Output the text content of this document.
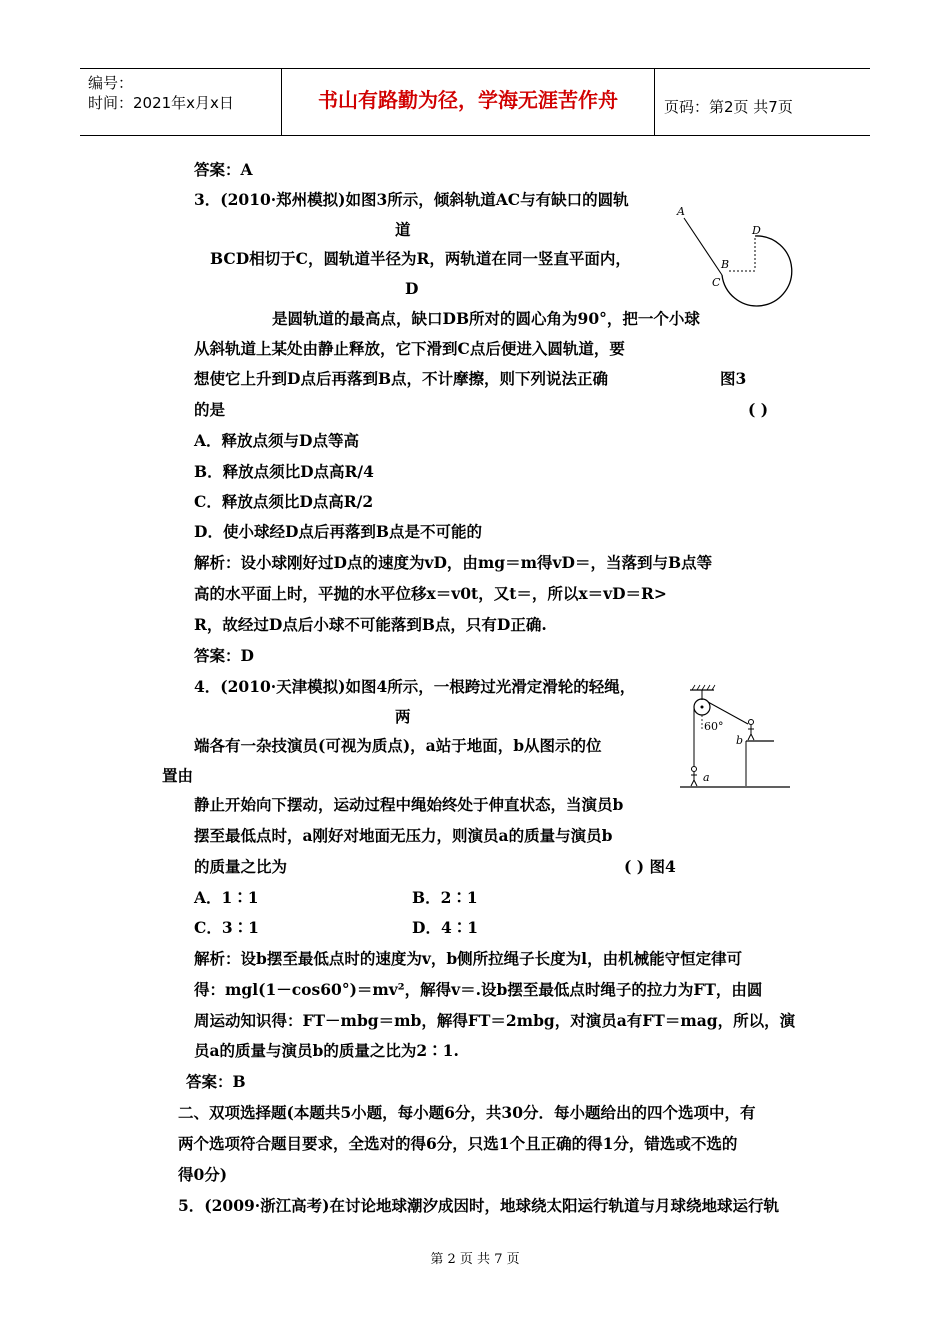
编号：
时间：2021年x月x日	书山有路勤为径，学海无涯苦作舟	页码：第2页 共7页
答案：A
3．(2010·郑州模拟)如图3所示，倾斜轨道AC与有缺口的圆轨
道
BCD相切于C，圆轨道半径为R，两轨道在同一竖直平面内，
D
是圆轨道的最高点，缺口DB所对的圆心角为90°，把一个小球
从斜轨道上某处由静止释放，它下滑到C点后便进入圆轨道，要
想使它上升到D点后再落到B点，不计摩擦，则下列说法正确	图3
的是	( )
A．释放点须与D点等高
B．释放点须比D点高R/4
C．释放点须比D点高R/2
D．使小球经D点后再落到B点是不可能的
解析：设小球刚好过D点的速度为vD，由mg＝m得vD＝，当落到与B点等
高的水平面上时，平抛的水平位移x＝v0t，又t＝，所以x＝vD＝R>
R，故经过D点后小球不可能落到B点，只有D正确.
答案：D
4．(2010·天津模拟)如图4所示，一根跨过光滑定滑轮的轻绳，
两
端各有一杂技演员(可视为质点)，a站于地面，b从图示的位
置由
静止开始向下摆动，运动过程中绳始终处于伸直状态，当演员b
摆至最低点时，a刚好对地面无压力，则演员a的质量与演员b
的质量之比为	( ) 图4
A．1∶1	B．2∶1
C．3∶1	D．4∶1
解析：设b摆至最低点时的速度为v，b侧所拉绳子长度为l，由机械能守恒定律可
得：mgl(1－cos60°)＝mv²，解得v＝.设b摆至最低点时绳子的拉力为FT，由圆
周运动知识得：FT－mbg＝mb，解得FT＝2mbg，对演员a有FT＝mag，所以，演
员a的质量与演员b的质量之比为2∶1.
答案：B
二、双项选择题(本题共5小题，每小题6分，共30分．每小题给出的四个选项中，有
两个选项符合题目要求，全选对的得6分，只选1个且正确的得1分，错选或不选的
得0分)
5．(2009·浙江高考)在讨论地球潮汐成因时，地球绕太阳运行轨道与月球绕地球运行轨
A
D
B
C
60°
b
a
第 2 页 共 7 页
